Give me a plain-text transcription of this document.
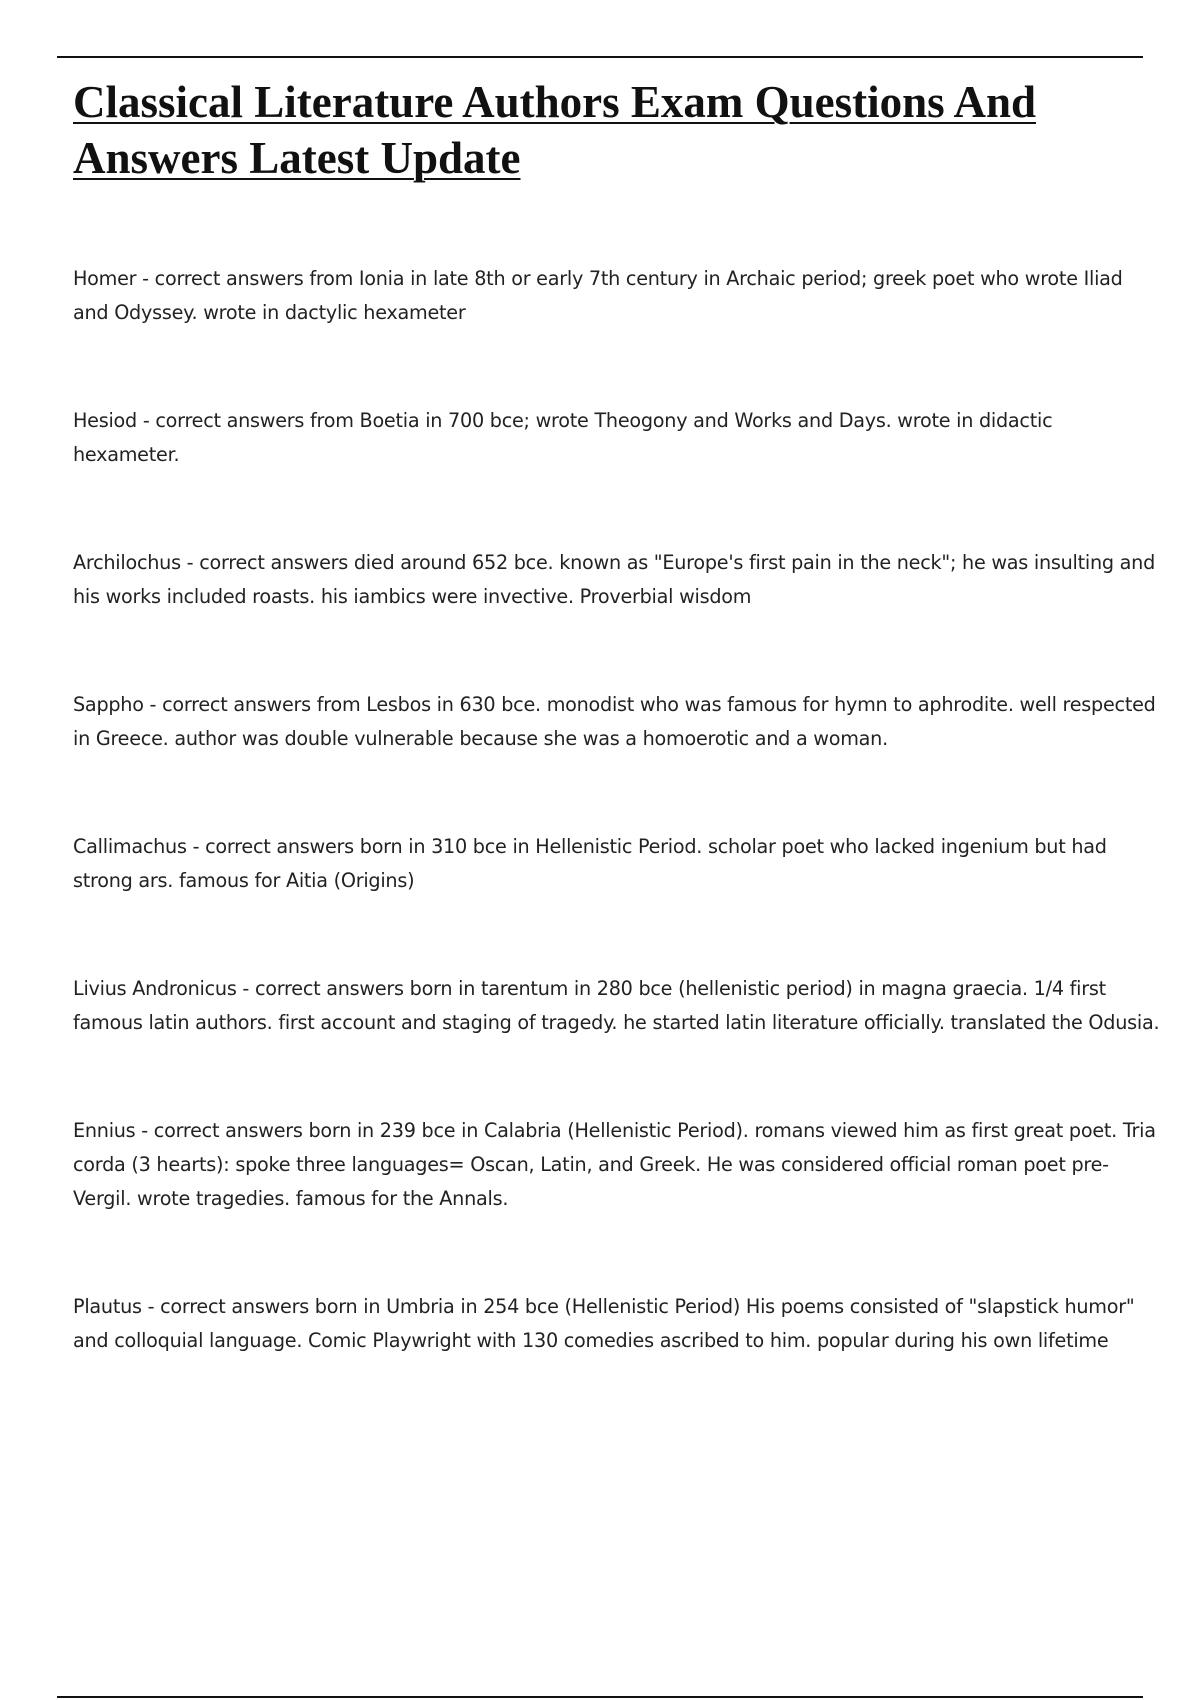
Classical Literature Authors Exam Questions And Answers Latest Update

Homer - correct answers from Ionia in late 8th or early 7th century in Archaic period; greek poet who wrote Iliad and Odyssey. wrote in dactylic hexameter

Hesiod - correct answers from Boetia in 700 bce; wrote Theogony and Works and Days. wrote in didactic hexameter.

Archilochus - correct answers died around 652 bce. known as "Europe's first pain in the neck"; he was insulting and his works included roasts. his iambics were invective. Proverbial wisdom

Sappho - correct answers from Lesbos in 630 bce. monodist who was famous for hymn to aphrodite. well respected in Greece. author was double vulnerable because she was a homoerotic and a woman.

Callimachus - correct answers born in 310 bce in Hellenistic Period. scholar poet who lacked ingenium but had strong ars. famous for Aitia (Origins)

Livius Andronicus - correct answers born in tarentum in 280 bce (hellenistic period) in magna graecia. 1/4 first famous latin authors. first account and staging of tragedy. he started latin literature officially. translated the Odusia.

Ennius - correct answers born in 239 bce in Calabria (Hellenistic Period). romans viewed him as first great poet. Tria corda (3 hearts): spoke three languages= Oscan, Latin, and Greek. He was considered official roman poet pre-Vergil. wrote tragedies. famous for the Annals.

Plautus - correct answers born in Umbria in 254 bce (Hellenistic Period) His poems consisted of "slapstick humor" and colloquial language. Comic Playwright with 130 comedies ascribed to him. popular during his own lifetime
